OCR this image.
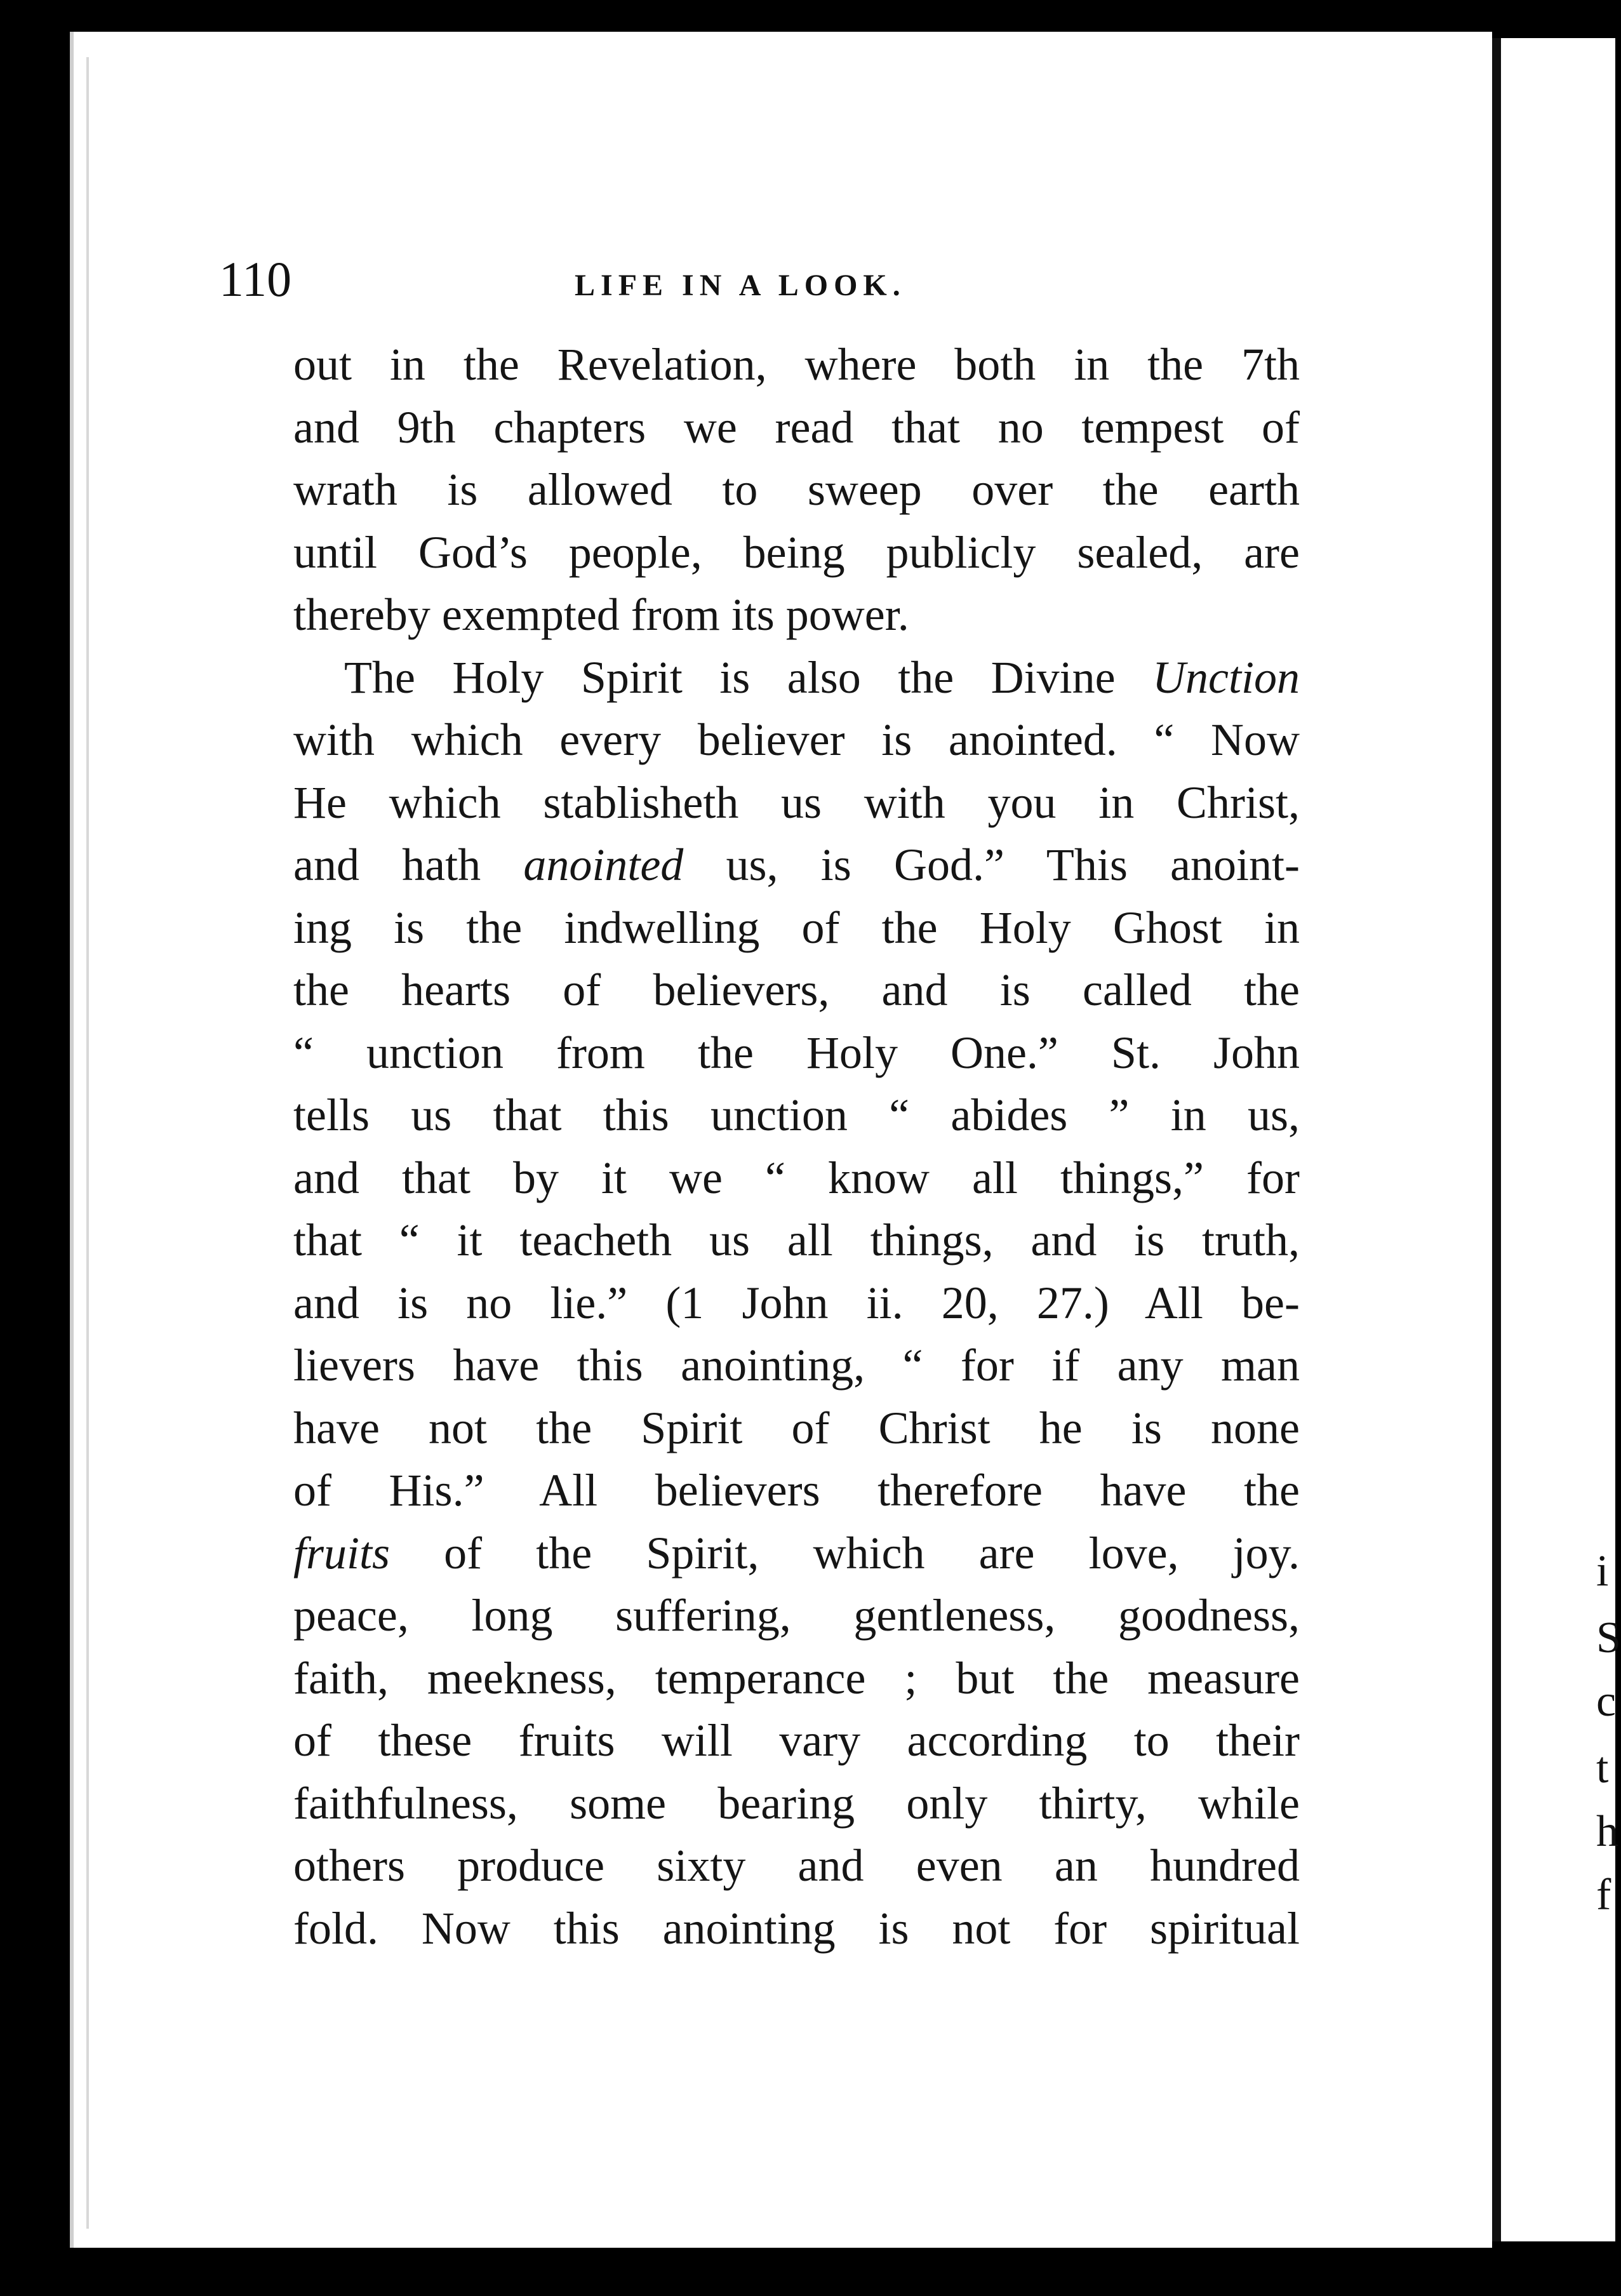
i
S
c
t
h
f
110	LIFE IN A LOOK.
out in the Revelation, where both in the 7th
and 9th chapters we read that no tempest of
wrath is allowed to sweep over the earth
until God’s people, being publicly sealed, are
thereby exempted from its power.
The Holy Spirit is also the Divine Unction
with which every believer is anointed. “ Now
He which stablisheth us with you in Christ,
and hath anointed us, is God.” This anoint-
ing is the indwelling of the Holy Ghost in
the hearts of believers, and is called the
“ unction from the Holy One.” St. John
tells us that this unction “ abides ” in us,
and that by it we “ know all things,” for
that “ it teacheth us all things, and is truth,
and is no lie.” (1 John ii. 20, 27.) All be-
lievers have this anointing, “ for if any man
have not the Spirit of Christ he is none
of His.” All believers therefore have the
fruits of the Spirit, which are love, joy.
peace, long suffering, gentleness, goodness,
faith, meekness, temperance ; but the measure
of these fruits will vary according to their
faithfulness, some bearing only thirty, while
others produce sixty and even an hundred
fold. Now this anointing is not for spiritual
